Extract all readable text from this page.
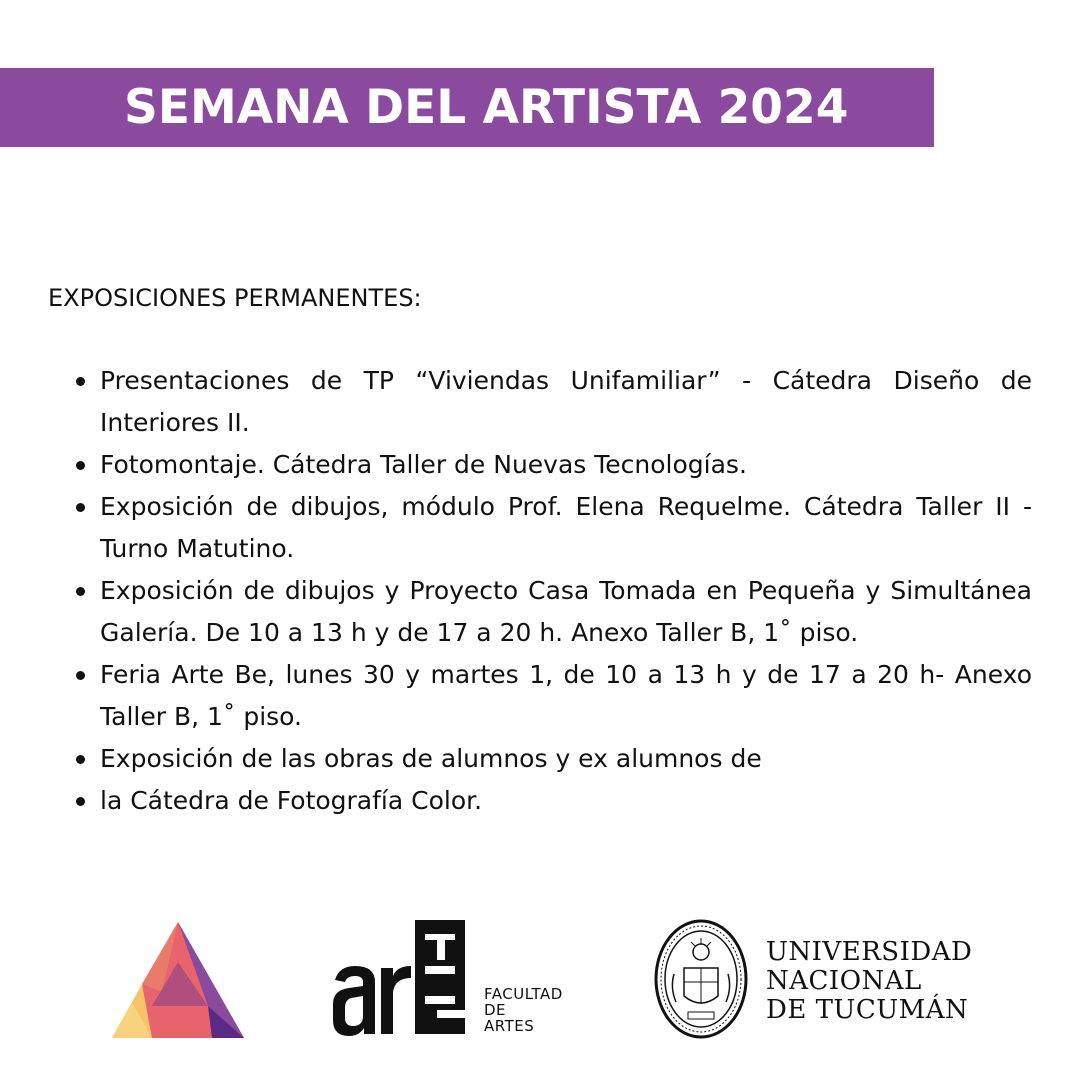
SEMANA DEL ARTISTA 2024
EXPOSICIONES PERMANENTES:
Presentaciones de TP “Viviendas Unifamiliar” - Cátedra Diseño de Interiores II.
Fotomontaje. Cátedra Taller de Nuevas Tecnologías.
Exposición de dibujos, módulo Prof. Elena Requelme. Cátedra Taller II - Turno Matutino.
Exposición de dibujos y Proyecto Casa Tomada en Pequeña y Simultánea Galería. De 10 a 13 h y de 17 a 20 h. Anexo Taller B, 1˚ piso.
Feria Arte Be, lunes 30 y martes 1, de 10 a 13 h y de 17 a 20 h- Anexo Taller B, 1˚ piso.
Exposición de las obras de alumnos y ex alumnos de
la Cátedra de Fotografía Color.
FACULTAD
DE
ARTES
UNIVERSIDAD
NACIONAL
DE TUCUMÁN
